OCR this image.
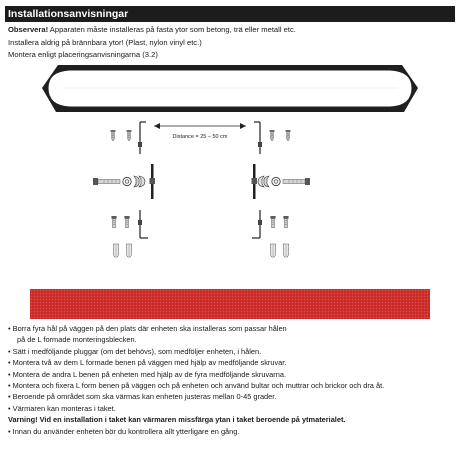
Installationsanvisningar

Observera! Apparaten måste installeras på fasta ytor som betong, trä eller metall etc.

Installera aldrig på brännbara ytor! (Plast, nylon vinyl etc.)

Montera enligt placeringsanvisningarna (3.2)

Distance = 25 – 50 cm

• Borra fyra hål på väggen på den plats där enheten ska installeras som passar hålen

på de L formade monteringsblecken.

• Sätt i medföljande pluggar (om det behövs), som medföljer enheten, i hålen.

• Montera två av dem L formade benen på väggen med hjälp av medföljande skruvar.

• Montera de andra L benen på enheten med hjälp av de fyra medföljande skruvarna.

• Montera och fixera L form benen på väggen och på enheten och använd bultar och muttrar och brickor och dra åt.

• Beroende på området som ska värmas kan enheten justeras mellan 0-45 grader.

• Värmaren kan monteras i taket.

Varning! Vid en installation i taket kan värmaren missfärga ytan i taket beroende på ytmaterialet.

• Innan du använder enheten bör du kontrollera allt ytterligare en gång.
